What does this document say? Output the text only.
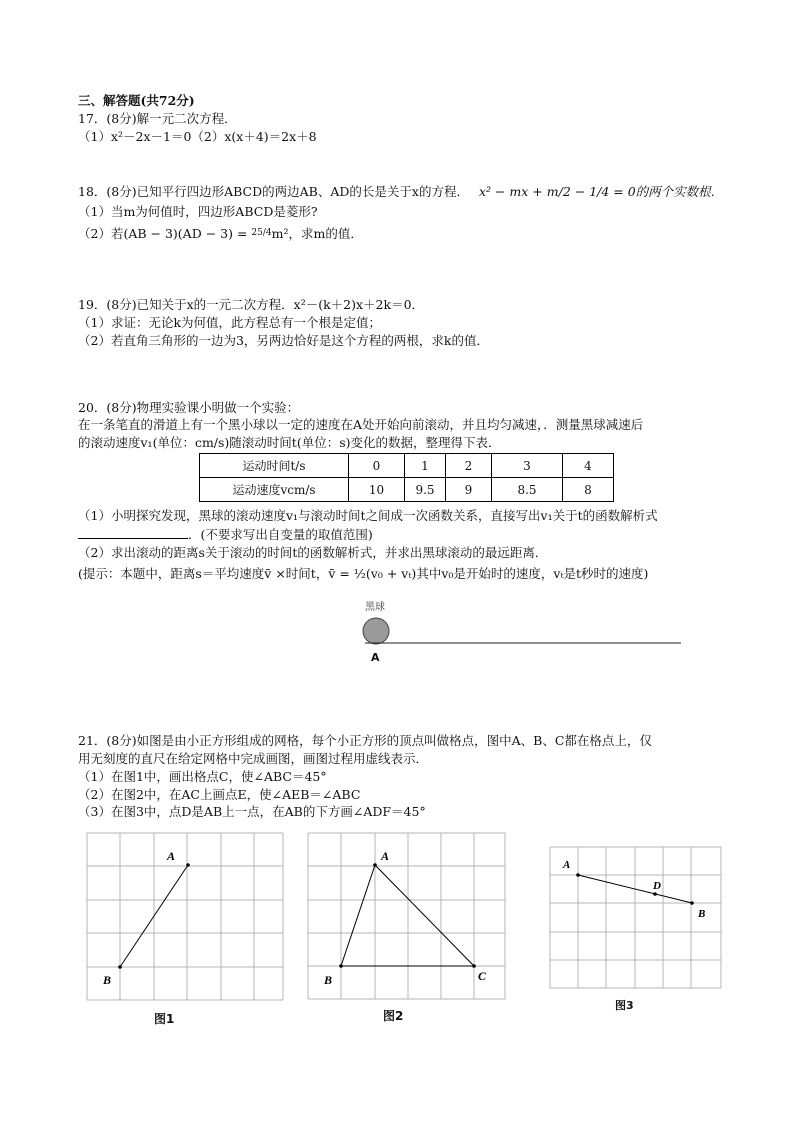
三、解答题(共72分)
17．(8分)解一元二次方程．
（1）x²－2x－1＝0（2）x(x＋4)＝2x＋8
18．(8分)已知平行四边形ABCD的两边AB、AD的长是关于x的方程． x² − mx + m/2 − 1/4 = 0的两个实数根．
（1）当m为何值时，四边形ABCD是菱形?
（2）若(AB − 3)(AD − 3) = $^{25/4}$m²，求m的值．
19．(8分)已知关于x的一元二次方程．x²－(k＋2)x＋2k＝0．
（1）求证：无论k为何值，此方程总有一个根是定值；
（2）若直角三角形的一边为3，另两边恰好是这个方程的两根，求k的值．
20．(8分)物理实验课小明做一个实验：
在一条笔直的滑道上有一个黑小球以一定的速度在A处开始向前滚动，并且均匀减速，．测量黑球减速后
的滚动速度v₁(单位：cm/s)随滚动时间t(单位：s)变化的数据，整理得下表．
运动时间t/s	0	1	2	3	4
运动速度vcm/s	10	9.5	9	8.5	8
（1）小明探究发现，黑球的滚动速度v₁与滚动时间t之间成一次函数关系，直接写出v₁关于t的函数解析式
．(不要求写出自变量的取值范围)
（2）求出滚动的距离s关于滚动的时间t的函数解析式，并求出黑球滚动的最远距离．
(提示：本题中，距离s＝平均速度v̄ ×时间t，v̄ = ½(v₀ + vₜ)其中v₀是开始时的速度，vₜ是t秒时的速度)
黑球
A
21．(8分)如图是由小正方形组成的网格，每个小正方形的顶点叫做格点，图中A、B、C都在格点上，仅
用无刻度的直尺在给定网格中完成画图，画图过程用虚线表示．
（1）在图1中，画出格点C，使∠ABC＝45°
（2）在图2中，在AC上画点E，使∠AEB＝∠ABC
（3）在图3中，点D是AB上一点，在AB的下方画∠ADF＝45°
A
B
图1
A
B	C
图2
A
D
B
图3
